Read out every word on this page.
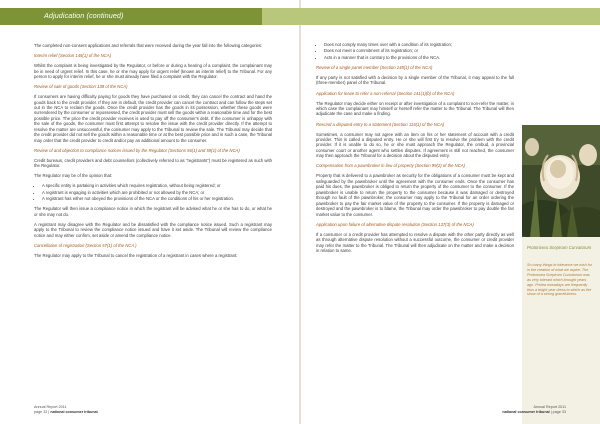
Adjudication (continued)

The completed non-consent applications and referrals that were received during the year fall into the following categories:

Interim relief (Section 145(1) of the NCA)

Whilst the complaint is being investigated by the Regulator, or before or during a hearing of a complaint, the complainant may be in need of urgent relief. In this case, he or she may apply for urgent relief (known as interim relief) to the Tribunal. For any person to apply for interim relief, he or she must already have filed a complaint with the Regulator.

Review of sale of goods (Section 138 of the NCA)

If consumers are having difficulty paying for goods they have purchased on credit, they can cancel the contract and hand the goods back to the credit provider. If they are in default, the credit provider can cancel the contract and can follow the steps set out in the NCA to reclaim the goods. Once the credit provider has the goods in its possession, whether these goods were surrendered by the consumer or repossessed, the credit provider must sell the goods within a reasonable time and for the best possible price. The price the credit provider receives is used to pay off the consumer's debt. If the consumer is unhappy with the sale of the goods, the consumer must first attempt to resolve the issue with the credit provider directly. If the attempt to resolve the matter are unsuccessful, the consumer may apply to the Tribunal to review the sale. The Tribunal may decide that the credit provider did not sell the goods within a reasonable time or at the best possible price and in such a case, the Tribunal may order that the credit provider to credit and/or pay an additional amount to the consumer.

Review of and objection to compliance notices issued by the Regulator (Sections 56(1) and 59(1) of the NCA)

Credit bureaus, credit providers and debt counsellors (collectively referred to as "registrants") must be registered as such with the Regulator.

The Regulator may be of the opinion that:

• A specific entity is partaking in activities which requires registration, without being registered; or
• A registrant is engaging in activities which are prohibited or not allowed by the NCA; or
• A registrant has either not obeyed the provisions of the NCA or the conditions of his or her registration.

The Regulator will then issue a compliance notice in which the registrant will be advised what he or she has to do, or what he or she may not do.

A registrant may disagree with the Regulator and be dissatisfied with the compliance notice issued. Such a registrant may apply to the Tribunal to review the compliance notice issued and have it set aside. The Tribunal will review the compliance notice and may either confirm, set aside or amend the compliance notice.

Cancellation of registration (Section 57(1) of the NCA )

The Regulator may apply to the Tribunal to cancel the registration of a registrant in cases where a registrant:

• Does not comply many times over with a condition of its registration;
• Does not meet a commitment of its registration; or
• Acts in a manner that is contrary to the provisions of the NCA.

Review of a single panel member (Section 148(1) of the NCA)

If any party is not satisfied with a decision by a single member of the Tribunal, it may appeal to the full (three-member) panel of the Tribunal.

Application for leave to refer a non-referral (Section 141(1)(b) of the NCA)

The Regulator may decide either on receipt or after investigation of a complaint to non-refer the matter, in which case the complainant may himself or herself refer the matter to the Tribunal. The Tribunal will then adjudicate the case and make a finding.

Rescind a disputed entry to a statement (Section 115(1) of the NCA)

Sometimes, a consumer may not agree with an item on his or her statement of account with a credit provider. This is called a disputed entry. He or she will first try to resolve the problem with the credit provider. If it is unable to do so, he or she must approach the Regulator, the ombud, a provincial consumer court or another agent who settles disputes. If agreement is still not reached, the consumer may then approach the Tribunal for a decision about the disputed entry.

Compensation from a pawnbroker in lieu of property (Section 99(2) of the NCA)

Property that is delivered to a pawnbroker as security for the obligations of a consumer must be kept and safeguarded by the pawnbroker until the agreement with the consumer ends. Once the consumer has paid his dues, the pawnbroker is obliged to return the property of the consumer to the consumer. If the pawnbroker is unable to return the property to the consumer because it was damaged or destroyed through no fault of the pawnbroker, the consumer may apply to the Tribunal for an order ordering the pawnbroker to pay the fair market value of the property to the consumer. If the property is damaged or destroyed and the pawnbroker is to blame, the Tribunal may order the pawnbroker to pay double the fair market value to the consumer.

Application upon failure of alternative dispute resolution (Section 137(3) of the NCA)

If a consumer or a credit provider has attempted to resolve a dispute with the other party directly as well as through alternative dispute resolution without a successful outcome, the consumer or credit provider may refer the matter to the Tribunal. The Tribunal will then adjudicate on the matter and make a decision in relation to same.

Protorosea Sceptrum Curvatorum
So many things in tolerance we wish for in the creation of what we aspire. The Protorosea Sceptrum Curvatorum was as very tolerant which brought years ago. Protea nowadays are frequently thus a bright year dress to which as the show of a strong gracefulness.
Annual Report 2011
page 32 | national consumer tribunal
Annual Report 2011
national consumer tribunal | page 33
